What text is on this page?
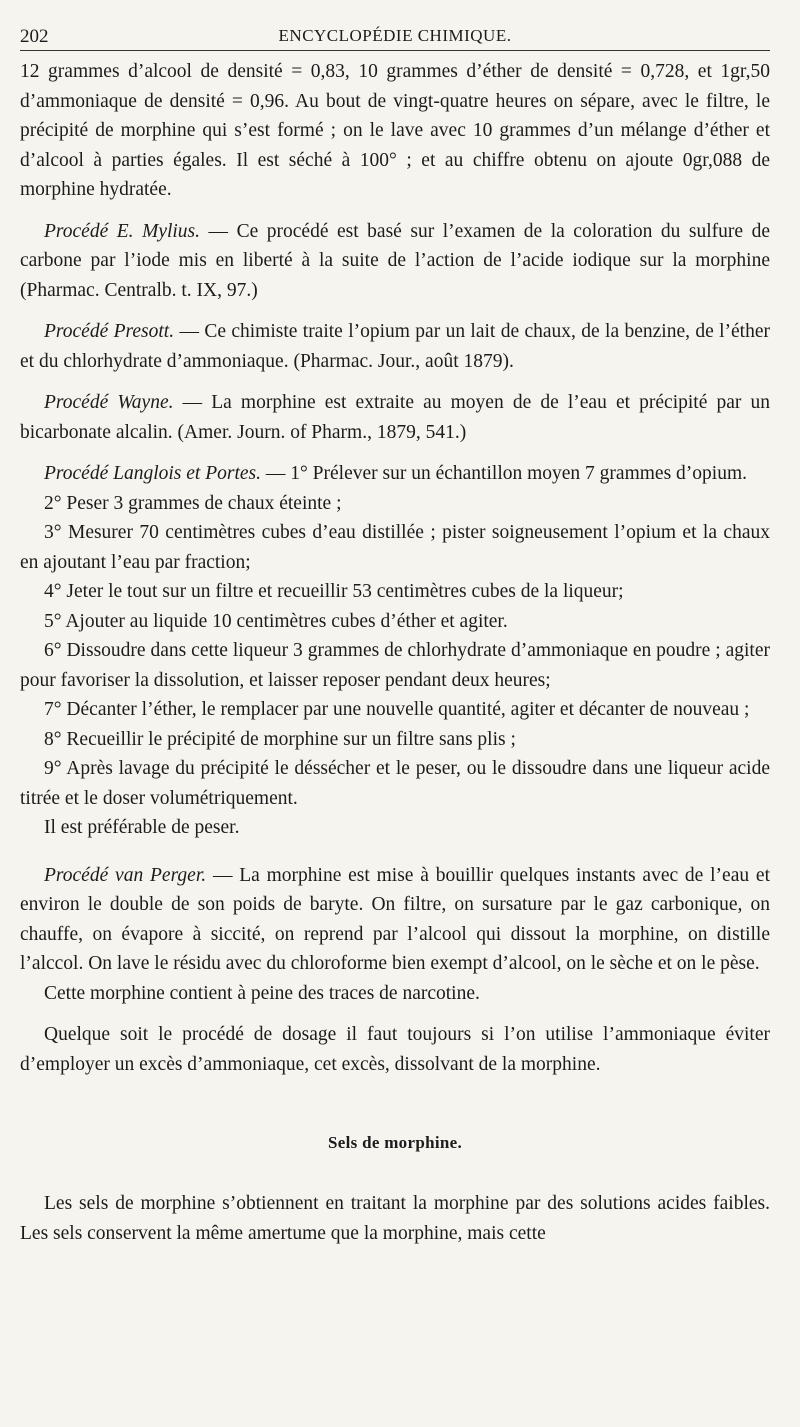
202	ENCYCLOPÉDIE CHIMIQUE.

12 grammes d’alcool de densité = 0,83, 10 grammes d’éther de densité = 0,728, et 1gr,50 d’ammoniaque de densité = 0,96. Au bout de vingt-quatre heures on sépare, avec le filtre, le précipité de morphine qui s’est formé ; on le lave avec 10 grammes d’un mélange d’éther et d’alcool à parties égales. Il est séché à 100° ; et au chiffre obtenu on ajoute 0gr,088 de morphine hydratée.

Procédé E. Mylius. — Ce procédé est basé sur l’examen de la coloration du sulfure de carbone par l’iode mis en liberté à la suite de l’action de l’acide iodique sur la morphine (Pharmac. Centralb. t. IX, 97.)

Procédé Presott. — Ce chimiste traite l’opium par un lait de chaux, de la benzine, de l’éther et du chlorhydrate d’ammoniaque. (Pharmac. Jour., août 1879).

Procédé Wayne. — La morphine est extraite au moyen de de l’eau et précipité par un bicarbonate alcalin. (Amer. Journ. of Pharm., 1879, 541.)

Procédé Langlois et Portes. — 1° Prélever sur un échantillon moyen 7 grammes d’opium.

2° Peser 3 grammes de chaux éteinte ;

3° Mesurer 70 centimètres cubes d’eau distillée ; pister soigneusement l’opium et la chaux en ajoutant l’eau par fraction;

4° Jeter le tout sur un filtre et recueillir 53 centimètres cubes de la liqueur;

5° Ajouter au liquide 10 centimètres cubes d’éther et agiter.

6° Dissoudre dans cette liqueur 3 grammes de chlorhydrate d’ammoniaque en poudre ; agiter pour favoriser la dissolution, et laisser reposer pendant deux heures;

7° Décanter l’éther, le remplacer par une nouvelle quantité, agiter et décanter de nouveau ;

8° Recueillir le précipité de morphine sur un filtre sans plis ;

9° Après lavage du précipité le déssécher et le peser, ou le dissoudre dans une liqueur acide titrée et le doser volumétriquement.

Il est préférable de peser.

Procédé van Perger. — La morphine est mise à bouillir quelques instants avec de l’eau et environ le double de son poids de baryte. On filtre, on sursature par le gaz carbonique, on chauffe, on évapore à siccité, on reprend par l’alcool qui dissout la morphine, on distille l’alccol. On lave le résidu avec du chloroforme bien exempt d’alcool, on le sèche et on le pèse.

Cette morphine contient à peine des traces de narcotine.

Quelque soit le procédé de dosage il faut toujours si l’on utilise l’ammoniaque éviter d’employer un excès d’ammoniaque, cet excès, dissolvant de la morphine.

Sels de morphine.

Les sels de morphine s’obtiennent en traitant la morphine par des solutions acides faibles. Les sels conservent la même amertume que la morphine, mais cette
